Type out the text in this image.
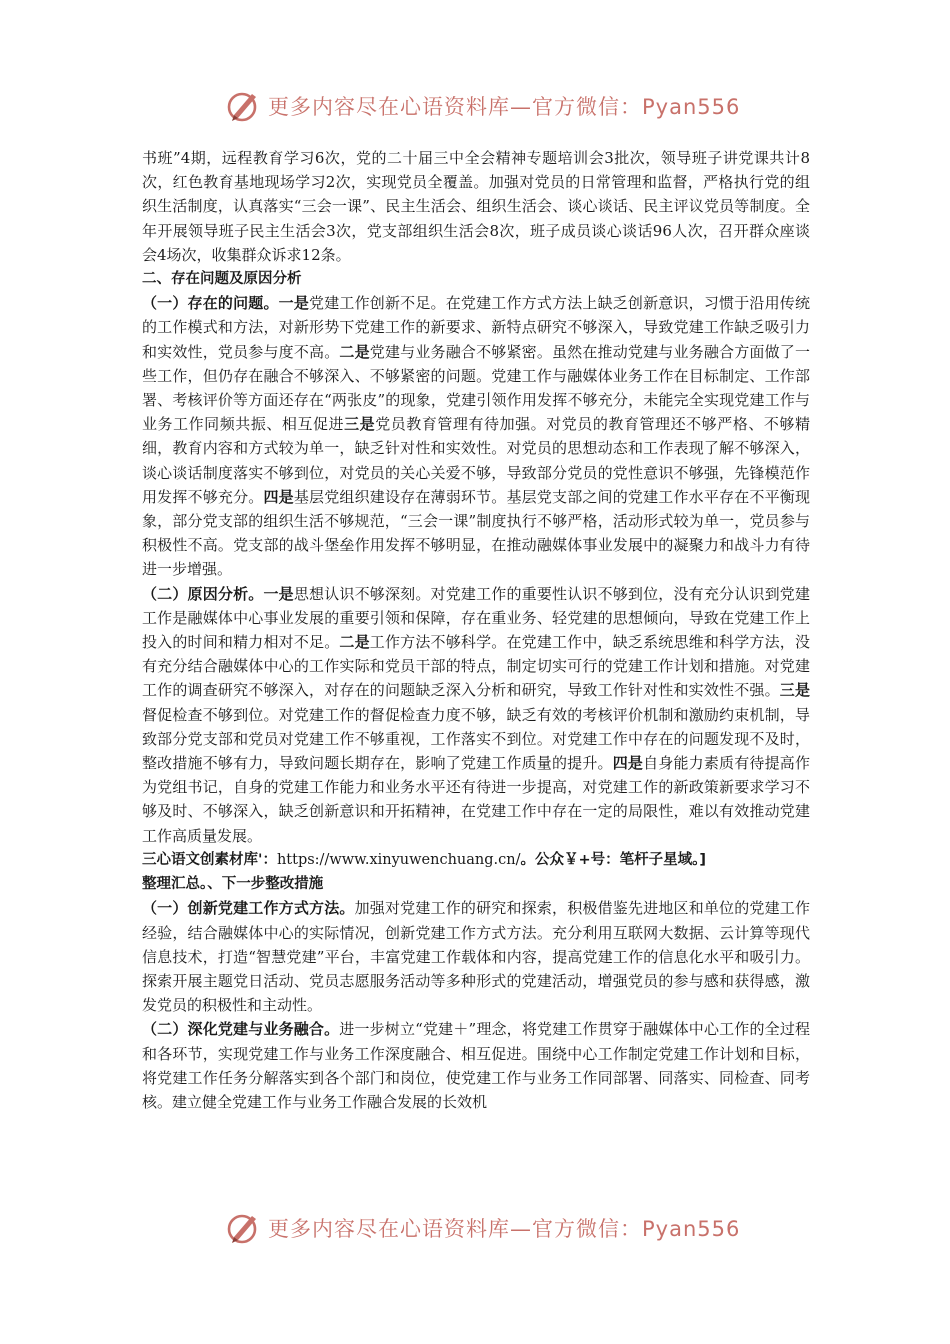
更多内容尽在心语资料库—官方微信：Pyan556

书班”4期，远程教育学习6次，党的二十届三中全会精神专题培训会3批次，领导班子讲党课共计8次，红色教育基地现场学习2次，实现党员全覆盖。加强对党员的日常管理和监督，严格执行党的组织生活制度，认真落实“三会一课”、民主生活会、组织生活会、谈心谈话、民主评议党员等制度。全年开展领导班子民主生活会3次，党支部组织生活会8次，班子成员谈心谈话96人次，召开群众座谈会4场次，收集群众诉求12条。

二、存在问题及原因分析

（一）存在的问题。一是党建工作创新不足。在党建工作方式方法上缺乏创新意识，习惯于沿用传统的工作模式和方法，对新形势下党建工作的新要求、新特点研究不够深入，导致党建工作缺乏吸引力和实效性，党员参与度不高。二是党建与业务融合不够紧密。虽然在推动党建与业务融合方面做了一些工作，但仍存在融合不够深入、不够紧密的问题。党建工作与融媒体业务工作在目标制定、工作部署、考核评价等方面还存在“两张皮”的现象，党建引领作用发挥不够充分，未能完全实现党建工作与业务工作同频共振、相互促进三是党员教育管理有待加强。对党员的教育管理还不够严格、不够精细，教育内容和方式较为单一，缺乏针对性和实效性。对党员的思想动态和工作表现了解不够深入，谈心谈话制度落实不够到位，对党员的关心关爱不够，导致部分党员的党性意识不够强，先锋模范作用发挥不够充分。四是基层党组织建设存在薄弱环节。基层党支部之间的党建工作水平存在不平衡现象，部分党支部的组织生活不够规范，“三会一课”制度执行不够严格，活动形式较为单一，党员参与积极性不高。党支部的战斗堡垒作用发挥不够明显，在推动融媒体事业发展中的凝聚力和战斗力有待进一步增强。

（二）原因分析。一是思想认识不够深刻。对党建工作的重要性认识不够到位，没有充分认识到党建工作是融媒体中心事业发展的重要引领和保障，存在重业务、轻党建的思想倾向，导致在党建工作上投入的时间和精力相对不足。二是工作方法不够科学。在党建工作中，缺乏系统思维和科学方法，没有充分结合融媒体中心的工作实际和党员干部的特点，制定切实可行的党建工作计划和措施。对党建工作的调查研究不够深入，对存在的问题缺乏深入分析和研究，导致工作针对性和实效性不强。三是督促检查不够到位。对党建工作的督促检查力度不够，缺乏有效的考核评价机制和激励约束机制，导致部分党支部和党员对党建工作不够重视，工作落实不到位。对党建工作中存在的问题发现不及时，整改措施不够有力，导致问题长期存在，影响了党建工作质量的提升。四是自身能力素质有待提高作为党组书记，自身的党建工作能力和业务水平还有待进一步提高，对党建工作的新政策新要求学习不够及时、不够深入，缺乏创新意识和开拓精神，在党建工作中存在一定的局限性，难以有效推动党建工作高质量发展。

三心语文创素材库'：https://www.xinyuwenchuang.cn/。公众￥+号：笔杆子星域。]

整理汇总。、下一步整改措施

（一）创新党建工作方式方法。加强对党建工作的研究和探索，积极借鉴先进地区和单位的党建工作经验，结合融媒体中心的实际情况，创新党建工作方式方法。充分利用互联网大数据、云计算等现代信息技术，打造“智慧党建”平台，丰富党建工作载体和内容，提高党建工作的信息化水平和吸引力。探索开展主题党日活动、党员志愿服务活动等多种形式的党建活动，增强党员的参与感和获得感，激发党员的积极性和主动性。

（二）深化党建与业务融合。进一步树立“党建＋”理念，将党建工作贯穿于融媒体中心工作的全过程和各环节，实现党建工作与业务工作深度融合、相互促进。围绕中心工作制定党建工作计划和目标，将党建工作任务分解落实到各个部门和岗位，使党建工作与业务工作同部署、同落实、同检查、同考核。建立健全党建工作与业务工作融合发展的长效机

更多内容尽在心语资料库—官方微信：Pyan556
